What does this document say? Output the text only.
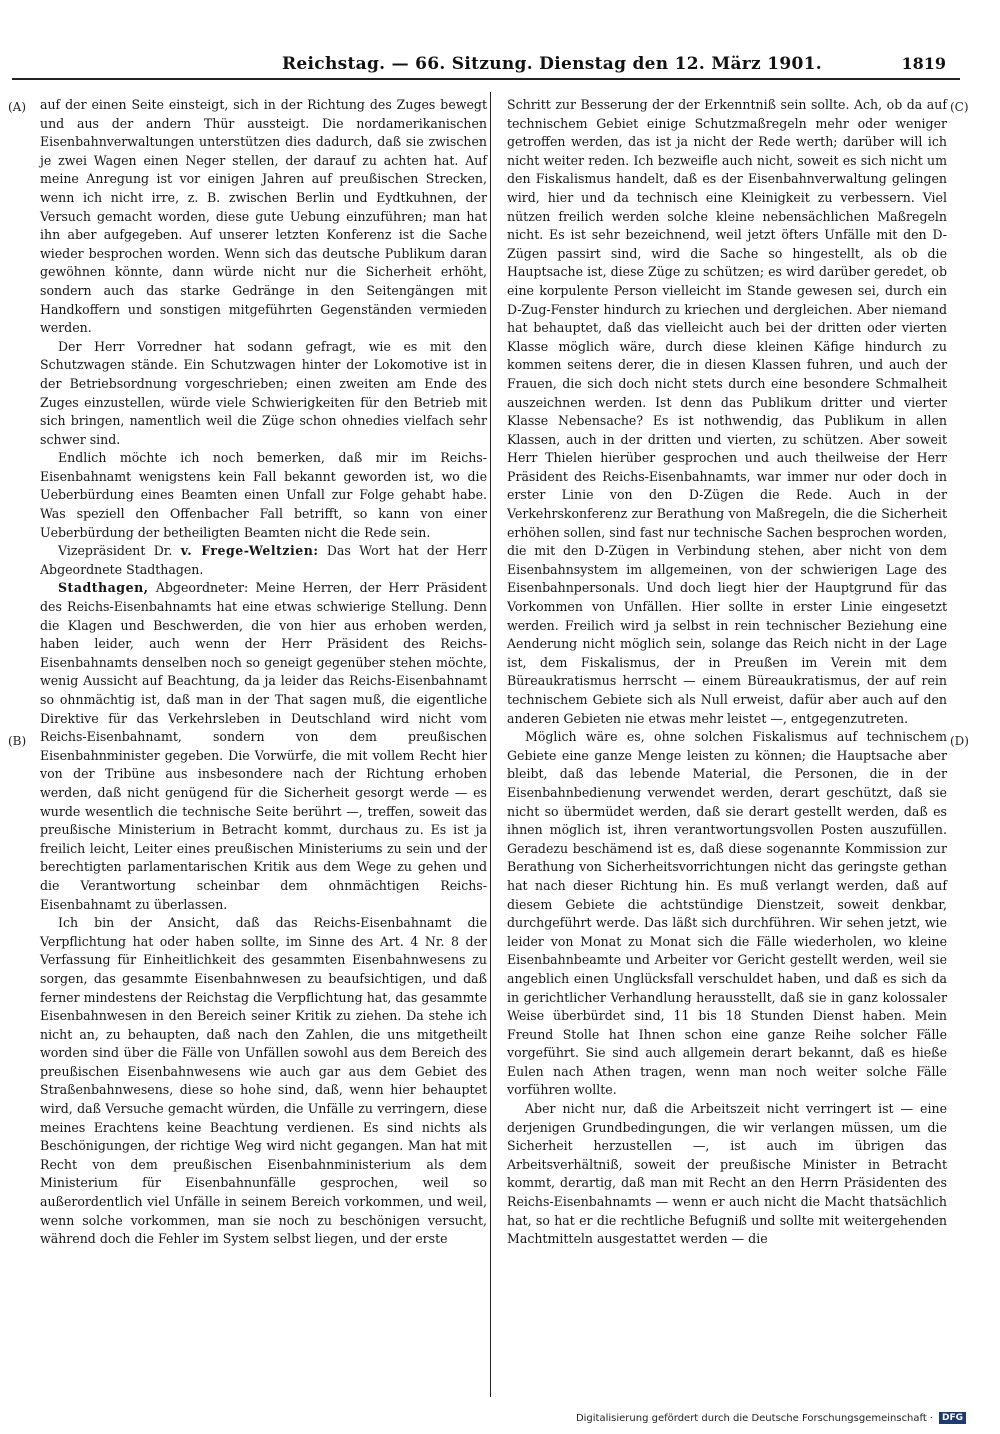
Reichstag. — 66. Sitzung. Dienstag den 12. März 1901.	1819
(A)
(B)
(C)
(D)

auf der einen Seite einsteigt, sich in der Richtung des Zuges bewegt und aus der andern Thür aussteigt. Die nordamerikanischen Eisenbahnverwaltungen unterstützen dies dadurch, daß sie zwischen je zwei Wagen einen Neger stellen, der darauf zu achten hat. Auf meine Anregung ist vor einigen Jahren auf preußischen Strecken, wenn ich nicht irre, z. B. zwischen Berlin und Eydtkuhnen, der Versuch gemacht worden, diese gute Uebung einzuführen; man hat ihn aber aufgegeben. Auf unserer letzten Konferenz ist die Sache wieder besprochen worden. Wenn sich das deutsche Publikum daran gewöhnen könnte, dann würde nicht nur die Sicherheit erhöht, sondern auch das starke Gedränge in den Seitengängen mit Handkoffern und sonstigen mitgeführten Gegenständen vermieden werden.

Der Herr Vorredner hat sodann gefragt, wie es mit den Schutzwagen stände. Ein Schutzwagen hinter der Lokomotive ist in der Betriebsordnung vorgeschrieben; einen zweiten am Ende des Zuges einzustellen, würde viele Schwierigkeiten für den Betrieb mit sich bringen, namentlich weil die Züge schon ohnedies vielfach sehr schwer sind.

Endlich möchte ich noch bemerken, daß mir im Reichs-Eisenbahnamt wenigstens kein Fall bekannt geworden ist, wo die Ueberbürdung eines Beamten einen Unfall zur Folge gehabt habe. Was speziell den Offenbacher Fall betrifft, so kann von einer Ueberbürdung der betheiligten Beamten nicht die Rede sein.

Vizepräsident Dr. v. Frege-Weltzien: Das Wort hat der Herr Abgeordnete Stadthagen.

Stadthagen, Abgeordneter: Meine Herren, der Herr Präsident des Reichs-Eisenbahnamts hat eine etwas schwierige Stellung. Denn die Klagen und Beschwerden, die von hier aus erhoben werden, haben leider, auch wenn der Herr Präsident des Reichs-Eisenbahnamts denselben noch so geneigt gegenüber stehen möchte, wenig Aussicht auf Beachtung, da ja leider das Reichs-Eisenbahnamt so ohnmächtig ist, daß man in der That sagen muß, die eigentliche Direktive für das Verkehrsleben in Deutschland wird nicht vom Reichs-Eisenbahnamt, sondern von dem preußischen Eisenbahnminister gegeben. Die Vorwürfe, die mit vollem Recht hier von der Tribüne aus insbesondere nach der Richtung erhoben werden, daß nicht genügend für die Sicherheit gesorgt werde — es wurde wesentlich die technische Seite berührt —, treffen, soweit das preußische Ministerium in Betracht kommt, durchaus zu. Es ist ja freilich leicht, Leiter eines preußischen Ministeriums zu sein und der berechtigten parlamentarischen Kritik aus dem Wege zu gehen und die Verantwortung scheinbar dem ohnmächtigen Reichs-Eisenbahnamt zu überlassen.

Ich bin der Ansicht, daß das Reichs-Eisenbahnamt die Verpflichtung hat oder haben sollte, im Sinne des Art. 4 Nr. 8 der Verfassung für Einheitlichkeit des gesammten Eisenbahnwesens zu sorgen, das gesammte Eisenbahnwesen zu beaufsichtigen, und daß ferner mindestens der Reichstag die Verpflichtung hat, das gesammte Eisenbahnwesen in den Bereich seiner Kritik zu ziehen. Da stehe ich nicht an, zu behaupten, daß nach den Zahlen, die uns mitgetheilt worden sind über die Fälle von Unfällen sowohl aus dem Bereich des preußischen Eisenbahnwesens wie auch gar aus dem Gebiet des Straßenbahnwesens, diese so hohe sind, daß, wenn hier behauptet wird, daß Versuche gemacht würden, die Unfälle zu verringern, diese meines Erachtens keine Beachtung verdienen. Es sind nichts als Beschönigungen, der richtige Weg wird nicht gegangen. Man hat mit Recht von dem preußischen Eisenbahnministerium als dem Ministerium für Eisenbahnunfälle gesprochen, weil so außerordentlich viel Unfälle in seinem Bereich vorkommen, und weil, wenn solche vorkommen, man sie noch zu beschönigen versucht, während doch die Fehler im System selbst liegen, und der erste

Schritt zur Besserung der der Erkenntniß sein sollte. Ach, ob da auf technischem Gebiet einige Schutzmaßregeln mehr oder weniger getroffen werden, das ist ja nicht der Rede werth; darüber will ich nicht weiter reden. Ich bezweifle auch nicht, soweit es sich nicht um den Fiskalismus handelt, daß es der Eisenbahnverwaltung gelingen wird, hier und da technisch eine Kleinigkeit zu verbessern. Viel nützen freilich werden solche kleine nebensächlichen Maßregeln nicht. Es ist sehr bezeichnend, weil jetzt öfters Unfälle mit den D-Zügen passirt sind, wird die Sache so hingestellt, als ob die Hauptsache ist, diese Züge zu schützen; es wird darüber geredet, ob eine korpulente Person vielleicht im Stande gewesen sei, durch ein D-Zug-Fenster hindurch zu kriechen und dergleichen. Aber niemand hat behauptet, daß das vielleicht auch bei der dritten oder vierten Klasse möglich wäre, durch diese kleinen Käfige hindurch zu kommen seitens derer, die in diesen Klassen fuhren, und auch der Frauen, die sich doch nicht stets durch eine besondere Schmalheit auszeichnen werden. Ist denn das Publikum dritter und vierter Klasse Nebensache? Es ist nothwendig, das Publikum in allen Klassen, auch in der dritten und vierten, zu schützen. Aber soweit Herr Thielen hierüber gesprochen und auch theilweise der Herr Präsident des Reichs-Eisenbahnamts, war immer nur oder doch in erster Linie von den D-Zügen die Rede. Auch in der Verkehrskonferenz zur Berathung von Maßregeln, die die Sicherheit erhöhen sollen, sind fast nur technische Sachen besprochen worden, die mit den D-Zügen in Verbindung stehen, aber nicht von dem Eisenbahnsystem im allgemeinen, von der schwierigen Lage des Eisenbahnpersonals. Und doch liegt hier der Hauptgrund für das Vorkommen von Unfällen. Hier sollte in erster Linie eingesetzt werden. Freilich wird ja selbst in rein technischer Beziehung eine Aenderung nicht möglich sein, solange das Reich nicht in der Lage ist, dem Fiskalismus, der in Preußen im Verein mit dem Büreaukratismus herrscht — einem Büreaukratismus, der auf rein technischem Gebiete sich als Null erweist, dafür aber auch auf den anderen Gebieten nie etwas mehr leistet —, entgegenzutreten.

Möglich wäre es, ohne solchen Fiskalismus auf technischem Gebiete eine ganze Menge leisten zu können; die Hauptsache aber bleibt, daß das lebende Material, die Personen, die in der Eisenbahnbedienung verwendet werden, derart geschützt, daß sie nicht so übermüdet werden, daß sie derart gestellt werden, daß es ihnen möglich ist, ihren verantwortungsvollen Posten auszufüllen. Geradezu beschämend ist es, daß diese sogenannte Kommission zur Berathung von Sicherheitsvorrichtungen nicht das geringste gethan hat nach dieser Richtung hin. Es muß verlangt werden, daß auf diesem Gebiete die achtstündige Dienstzeit, soweit denkbar, durchgeführt werde. Das läßt sich durchführen. Wir sehen jetzt, wie leider von Monat zu Monat sich die Fälle wiederholen, wo kleine Eisenbahnbeamte und Arbeiter vor Gericht gestellt werden, weil sie angeblich einen Unglücksfall verschuldet haben, und daß es sich da in gerichtlicher Verhandlung herausstellt, daß sie in ganz kolossaler Weise überbürdet sind, 11 bis 18 Stunden Dienst haben. Mein Freund Stolle hat Ihnen schon eine ganze Reihe solcher Fälle vorgeführt. Sie sind auch allgemein derart bekannt, daß es hieße Eulen nach Athen tragen, wenn man noch weiter solche Fälle vorführen wollte.

Aber nicht nur, daß die Arbeitszeit nicht verringert ist — eine derjenigen Grundbedingungen, die wir verlangen müssen, um die Sicherheit herzustellen —, ist auch im übrigen das Arbeitsverhältniß, soweit der preußische Minister in Betracht kommt, derartig, daß man mit Recht an den Herrn Präsidenten des Reichs-Eisenbahnamts — wenn er auch nicht die Macht thatsächlich hat, so hat er die rechtliche Befugniß und sollte mit weitergehenden Machtmitteln ausgestattet werden — die

Digitalisierung gefördert durch die Deutsche Forschungsgemeinschaft · DFG
